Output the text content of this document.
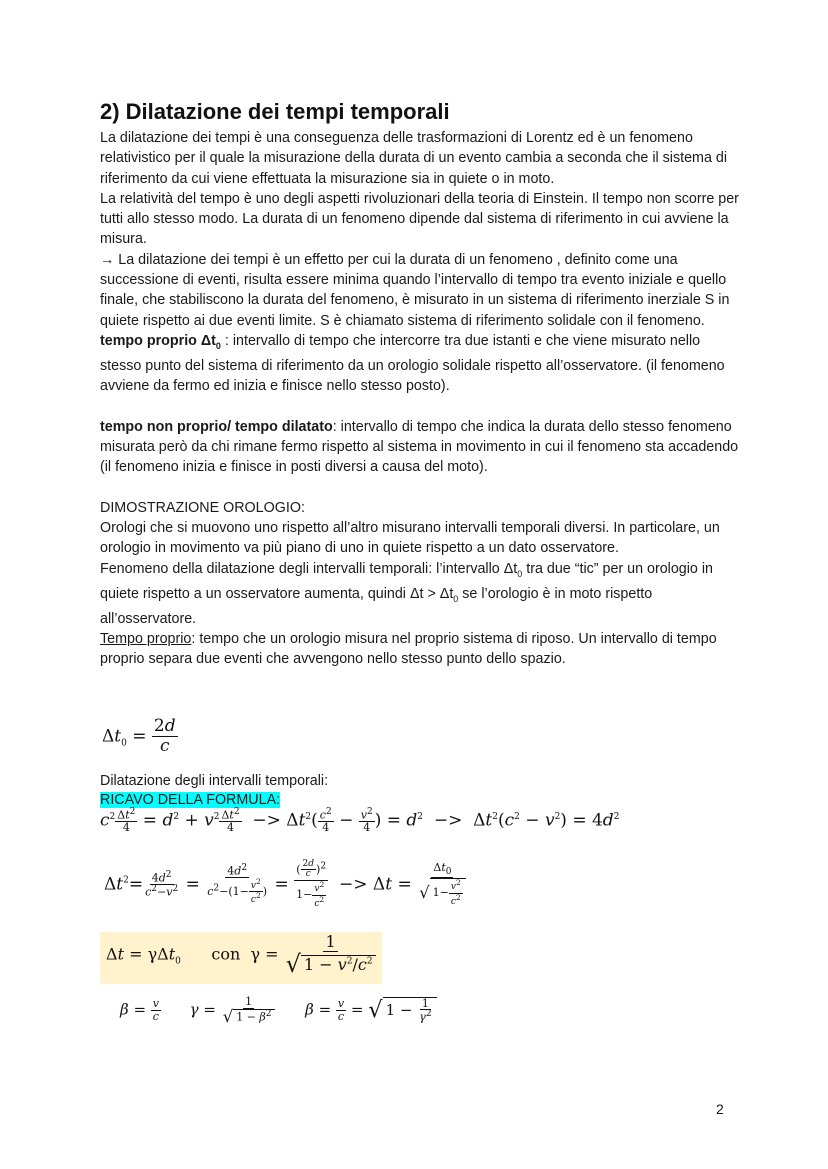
2) Dilatazione dei tempi temporali

La dilatazione dei tempi è una conseguenza delle trasformazioni di Lorentz ed è un fenomeno relativistico per il quale la misurazione della durata di un evento cambia a seconda che il sistema di riferimento da cui viene effettuata la misurazione sia in quiete o in moto.

La relatività del tempo è uno degli aspetti rivoluzionari della teoria di Einstein. Il tempo non scorre per tutti allo stesso modo. La durata di un fenomeno dipende dal sistema di riferimento in cui avviene la misura.

→ La dilatazione dei tempi è un effetto per cui la durata di un fenomeno , definito come una successione di eventi, risulta essere minima quando l’intervallo di tempo tra evento iniziale e quello finale, che stabiliscono la durata del fenomeno, è misurato in un sistema di riferimento inerziale S in quiete rispetto ai due eventi limite. S è chiamato sistema di riferimento solidale con il fenomeno.

tempo proprio $\Delta t_0$ : intervallo di tempo che intercorre tra due istanti e che viene misurato nello stesso punto del sistema di riferimento da un orologio solidale rispetto all’osservatore. (il fenomeno avviene da fermo ed inizia e finisce nello stesso posto).

tempo non proprio/ tempo dilatato: intervallo di tempo che indica la durata dello stesso fenomeno misurata però da chi rimane fermo rispetto al sistema in movimento in cui il fenomeno sta accadendo (il fenomeno inizia e finisce in posti diversi a causa del moto).

DIMOSTRAZIONE OROLOGIO:

Orologi che si muovono uno rispetto all’altro misurano intervalli temporali diversi. In particolare, un orologio in movimento va più piano di uno in quiete rispetto a un dato osservatore.

Fenomeno della dilatazione degli intervalli temporali: l’intervallo $\Delta t_0$ tra due “tic” per un orologio in quiete rispetto a un osservatore aumenta, quindi $\Delta t > \Delta t_0$ se l’orologio è in moto rispetto all’osservatore.

Tempo proprio: tempo che un orologio misura nel proprio sistema di riposo. Un intervallo di tempo proprio separa due eventi che avvengono nello stesso punto dello spazio.

$\Delta t_0 = \frac{2d}{c}$

Dilatazione degli intervalli temporali:

RICAVO DELLA FORMULA:

$c^2 \frac{\Delta t^2}{4} = d^2 + v^2 \frac{\Delta t^2}{4} -> \Delta t^2( \frac{c^2}{4} - \frac{v^2}{4}$ ) = $d^2 -> \Delta t^2(c^2 - v^2) = 4d^2$
$\Delta t^2= \frac{4d^2}{c^2-v^2} = \frac{4d^2}{c^2-(1- \frac{v^2}{c^2} )} = \frac{( \frac{2d}{c} )^2}{1- \frac{v^2}{c^2}} -> \Delta t = \frac{\Delta t_0}{√ 1- \frac{v^2}{c^2}}$
Δt = γΔt$_0$ con  $\gamma = \frac{1}{√ 1 - v^2/c^2}$
$\beta = \frac{v}{c}$ $\gamma = \frac{1}{√ 1 - \beta^2}$ $\beta = \frac{v}{c}$ = √ $1 - \frac{1}{\gamma^2}$
2
